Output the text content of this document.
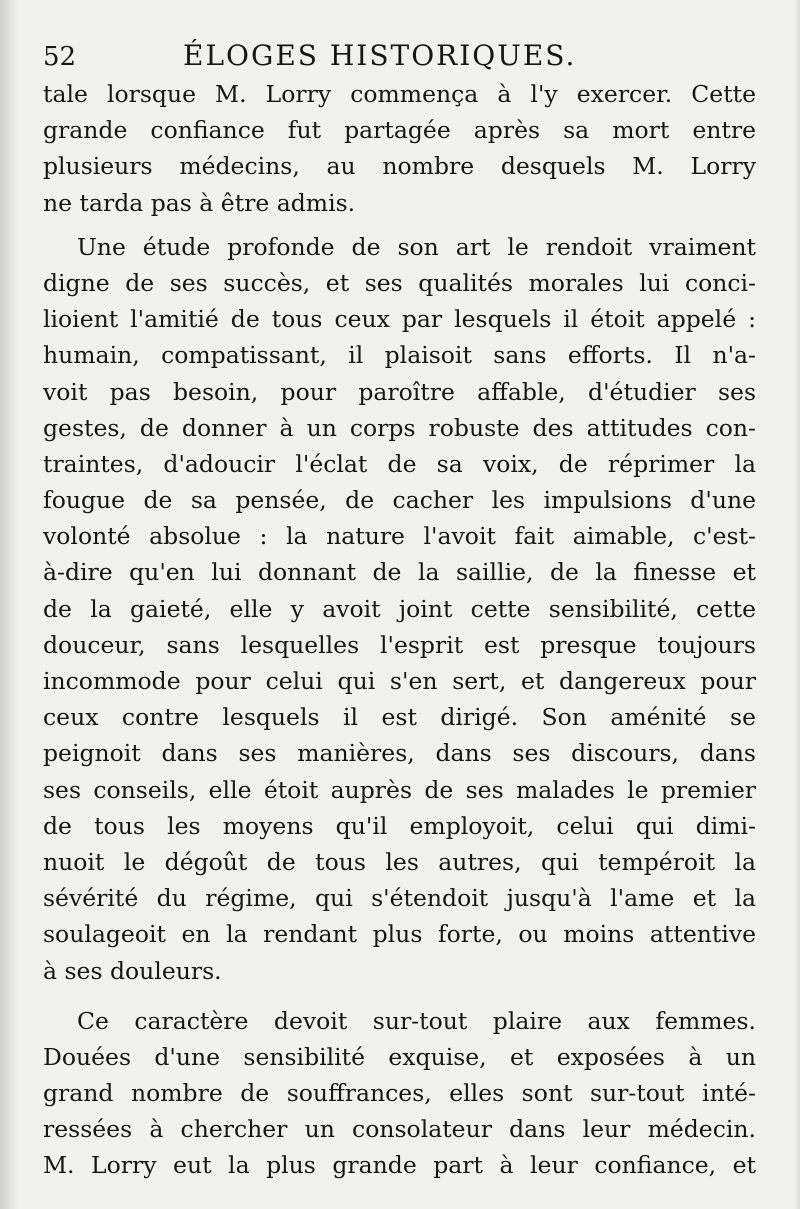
52	ÉLOGES HISTORIQUES.
tale lorsque M. Lorry commença à l'y exercer. Cette
grande confiance fut partagée après sa mort entre
plusieurs médecins, au nombre desquels M. Lorry
ne tarda pas à être admis.
Une étude profonde de son art le rendoit vraiment
digne de ses succès, et ses qualités morales lui conci-
lioient l'amitié de tous ceux par lesquels il étoit appelé :
humain, compatissant, il plaisoit sans efforts. Il n'a-
voit pas besoin, pour paroître affable, d'étudier ses
gestes, de donner à un corps robuste des attitudes con-
traintes, d'adoucir l'éclat de sa voix, de réprimer la
fougue de sa pensée, de cacher les impulsions d'une
volonté absolue : la nature l'avoit fait aimable, c'est-
à-dire qu'en lui donnant de la saillie, de la finesse et
de la gaieté, elle y avoit joint cette sensibilité, cette
douceur, sans lesquelles l'esprit est presque toujours
incommode pour celui qui s'en sert, et dangereux pour
ceux contre lesquels il est dirigé. Son aménité se
peignoit dans ses manières, dans ses discours, dans
ses conseils, elle étoit auprès de ses malades le premier
de tous les moyens qu'il employoit, celui qui dimi-
nuoit le dégoût de tous les autres, qui tempéroit la
sévérité du régime, qui s'étendoit jusqu'à l'ame et la
soulageoit en la rendant plus forte, ou moins attentive
à ses douleurs.
Ce caractère devoit sur-tout plaire aux femmes.
Douées d'une sensibilité exquise, et exposées à un
grand nombre de souffrances, elles sont sur-tout inté-
ressées à chercher un consolateur dans leur médecin.
M. Lorry eut la plus grande part à leur confiance, et
